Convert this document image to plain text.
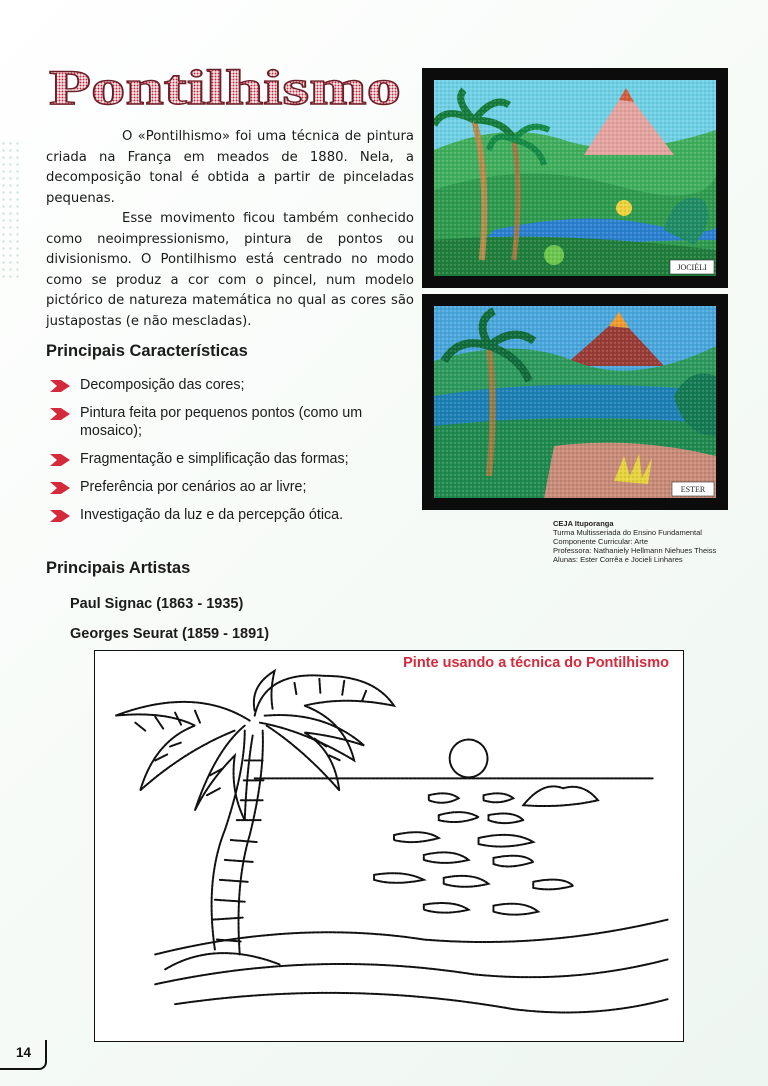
Pontilhismo

O «Pontilhismo» foi uma técnica de pintura criada na França em meados de 1880. Nela, a decomposição tonal é obtida a partir de pinceladas pequenas.

Esse movimento ficou também conhecido como neoimpressionismo, pintura de pontos ou divisionismo. O Pontilhismo está centrado no modo como se produz a cor com o pincel, num modelo pictórico de natureza matemática no qual as cores são justapostas (e não mescladas).

Principais Características
Decomposição das cores;
Pintura feita por pequenos pontos (como um mosaico);
Fragmentação e simplificação das formas;
Preferência por cenários ao ar livre;
Investigação da luz e da percepção ótica.
Principais Artistas
Paul Signac (1863 - 1935)
Georges Seurat (1859 - 1891)
JOCIÉLI
ESTER
CEJA Ituporanga
Turma Multisseriada do Ensino Fundamental
Componente Curricular: Arte
Professora: Nathaniely Hellmann Niehues Theiss
Alunas: Ester Corrêa e Jocieli Linhares
Pinte usando a técnica do Pontilhismo
14
